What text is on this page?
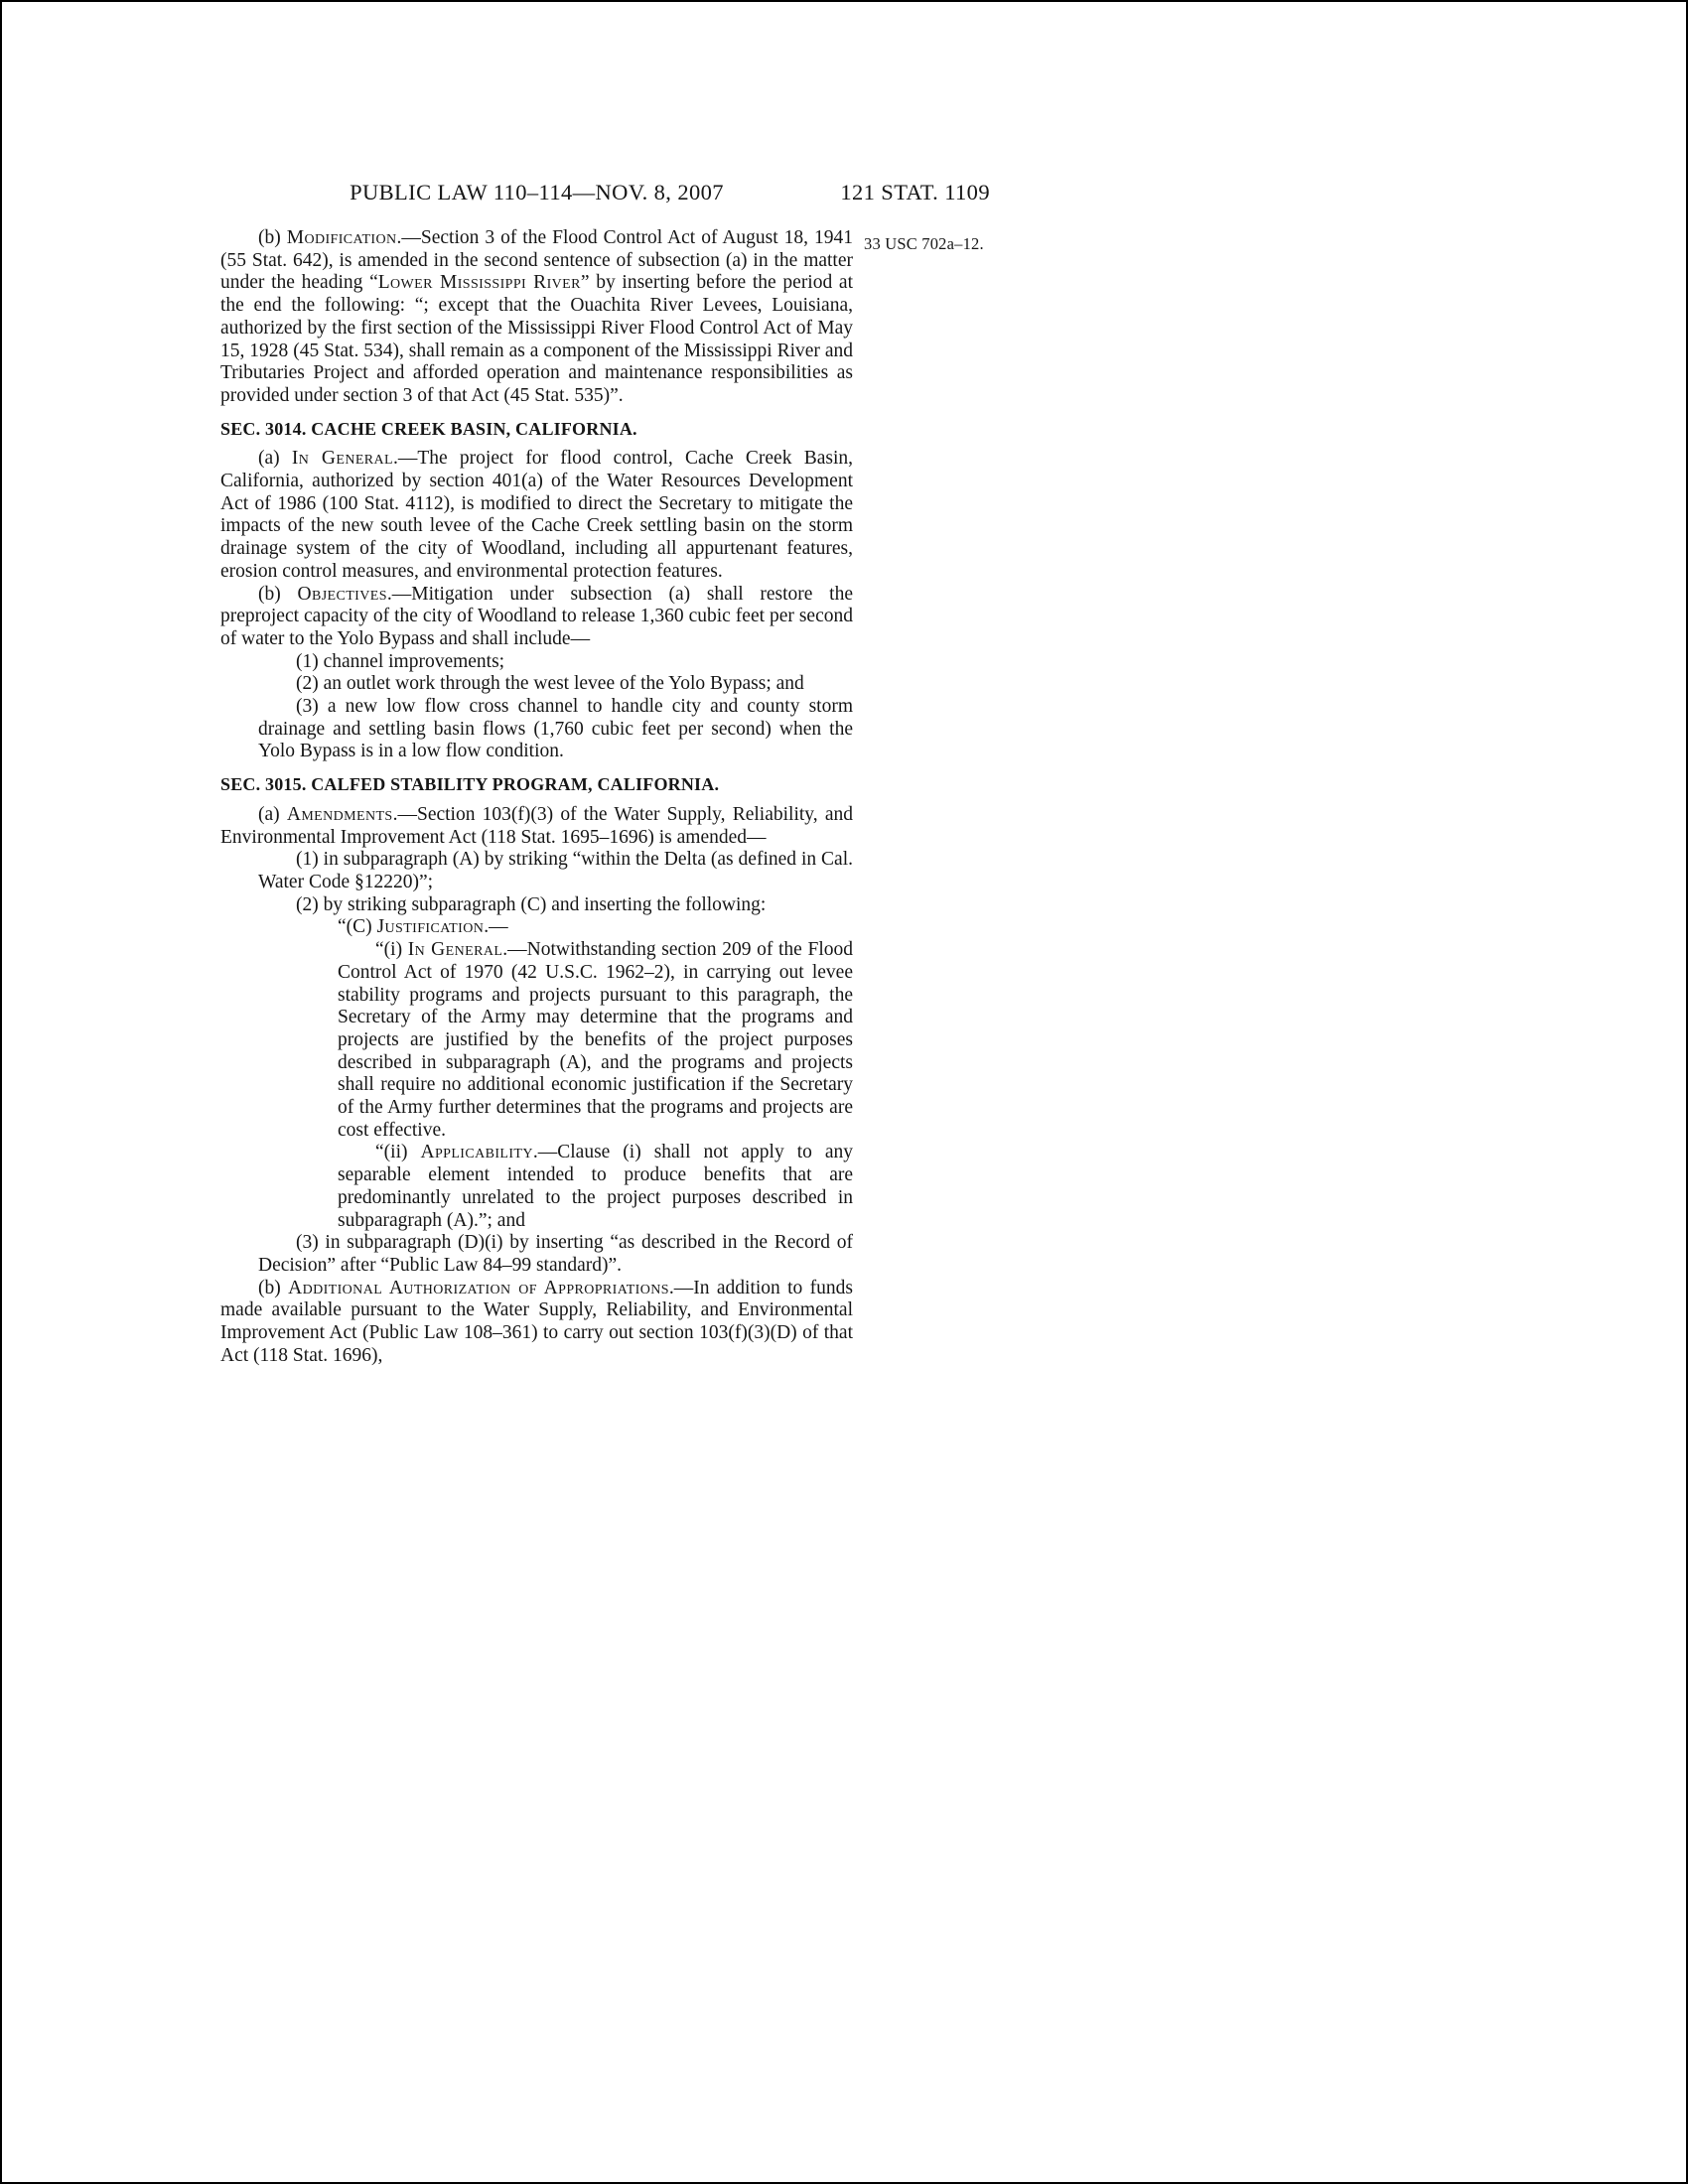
PUBLIC LAW 110–114—NOV. 8, 2007	121 STAT. 1109
33 USC 702a–12.

(b) Modification.—Section 3 of the Flood Control Act of August 18, 1941 (55 Stat. 642), is amended in the second sentence of subsection (a) in the matter under the heading “Lower Mississippi River” by inserting before the period at the end the following: “; except that the Ouachita River Levees, Louisiana, authorized by the first section of the Mississippi River Flood Control Act of May 15, 1928 (45 Stat. 534), shall remain as a component of the Mississippi River and Tributaries Project and afforded operation and maintenance responsibilities as provided under section 3 of that Act (45 Stat. 535)”.

SEC. 3014. CACHE CREEK BASIN, CALIFORNIA.

(a) In General.—The project for flood control, Cache Creek Basin, California, authorized by section 401(a) of the Water Resources Development Act of 1986 (100 Stat. 4112), is modified to direct the Secretary to mitigate the impacts of the new south levee of the Cache Creek settling basin on the storm drainage system of the city of Woodland, including all appurtenant features, erosion control measures, and environmental protection features.

(b) Objectives.—Mitigation under subsection (a) shall restore the preproject capacity of the city of Woodland to release 1,360 cubic feet per second of water to the Yolo Bypass and shall include—

(1) channel improvements;

(2) an outlet work through the west levee of the Yolo Bypass; and

(3) a new low flow cross channel to handle city and county storm drainage and settling basin flows (1,760 cubic feet per second) when the Yolo Bypass is in a low flow condition.

SEC. 3015. CALFED STABILITY PROGRAM, CALIFORNIA.

(a) Amendments.—Section 103(f)(3) of the Water Supply, Reliability, and Environmental Improvement Act (118 Stat. 1695–1696) is amended—

(1) in subparagraph (A) by striking “within the Delta (as defined in Cal. Water Code §12220)”;

(2) by striking subparagraph (C) and inserting the following:

“(C) Justification.—

“(i) In General.—Notwithstanding section 209 of the Flood Control Act of 1970 (42 U.S.C. 1962–2), in carrying out levee stability programs and projects pursuant to this paragraph, the Secretary of the Army may determine that the programs and projects are justified by the benefits of the project purposes described in subparagraph (A), and the programs and projects shall require no additional economic justification if the Secretary of the Army further determines that the programs and projects are cost effective.

“(ii) Applicability.—Clause (i) shall not apply to any separable element intended to produce benefits that are predominantly unrelated to the project purposes described in subparagraph (A).”; and

(3) in subparagraph (D)(i) by inserting “as described in the Record of Decision” after “Public Law 84–99 standard)”.

(b) Additional Authorization of Appropriations.—In addition to funds made available pursuant to the Water Supply, Reliability, and Environmental Improvement Act (Public Law 108–361) to carry out section 103(f)(3)(D) of that Act (118 Stat. 1696),
